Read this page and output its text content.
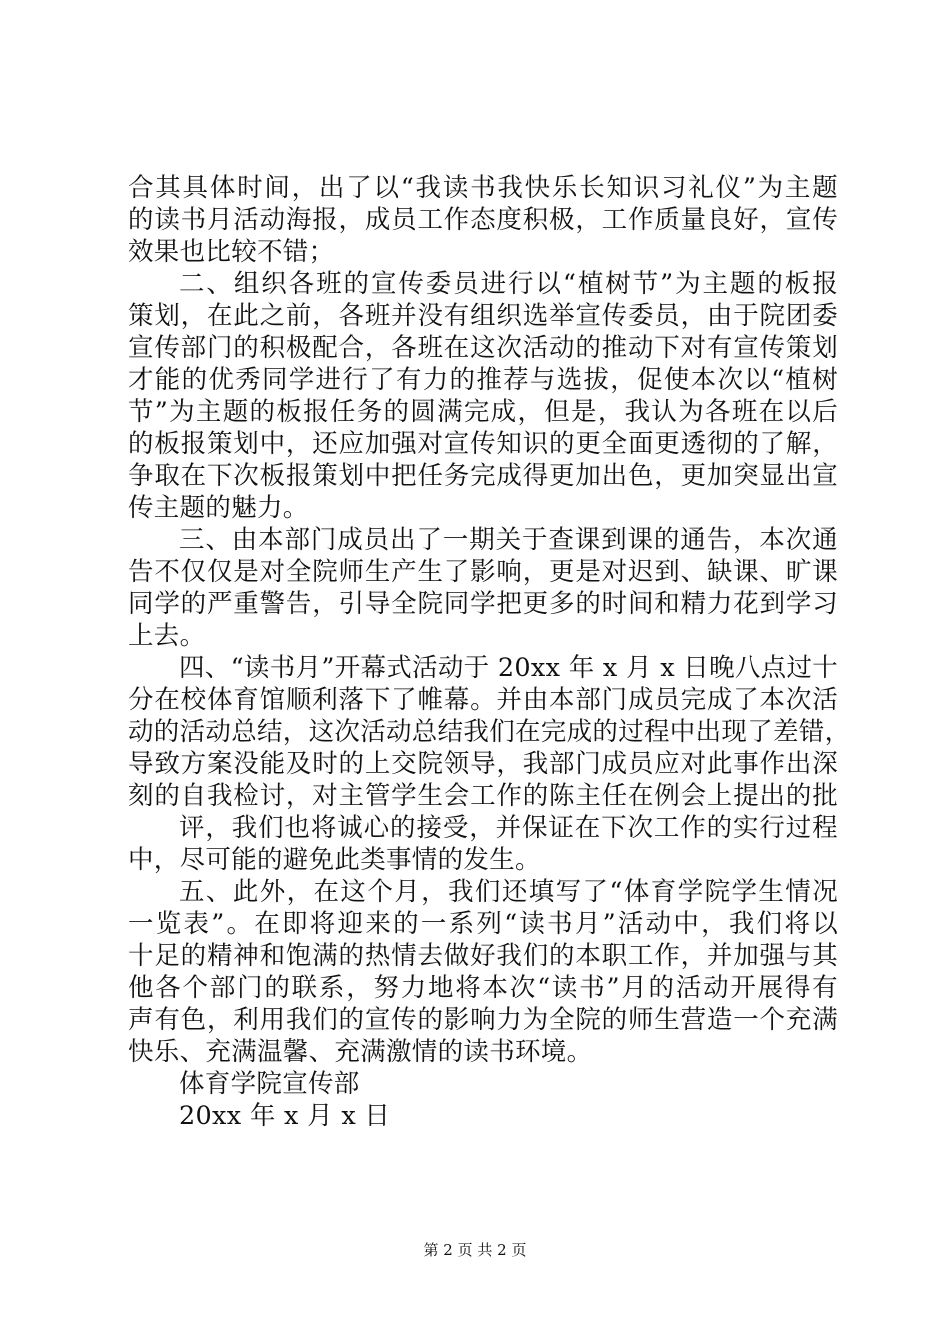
合其具体时间，出了以“我读书我快乐长知识习礼仪”为主题
的读书月活动海报，成员工作态度积极，工作质量良好，宣传
效果也比较不错；
二、组织各班的宣传委员进行以“植树节”为主题的板报
策划，在此之前，各班并没有组织选举宣传委员，由于院团委
宣传部门的积极配合，各班在这次活动的推动下对有宣传策划
才能的优秀同学进行了有力的推荐与选拔，促使本次以“植树
节”为主题的板报任务的圆满完成，但是，我认为各班在以后
的板报策划中，还应加强对宣传知识的更全面更透彻的了解，
争取在下次板报策划中把任务完成得更加出色，更加突显出宣
传主题的魅力。
三、由本部门成员出了一期关于查课到课的通告，本次通
告不仅仅是对全院师生产生了影响，更是对迟到、缺课、旷课
同学的严重警告，引导全院同学把更多的时间和精力花到学习
上去。
四、“读书月”开幕式活动于 20xx 年 x 月 x 日晚八点过十
分在校体育馆顺利落下了帷幕。并由本部门成员完成了本次活
动的活动总结，这次活动总结我们在完成的过程中出现了差错，
导致方案没能及时的上交院领导，我部门成员应对此事作出深
刻的自我检讨，对主管学生会工作的陈主任在例会上提出的批
评，我们也将诚心的接受，并保证在下次工作的实行过程
中，尽可能的避免此类事情的发生。
五、此外，在这个月，我们还填写了“体育学院学生情况
一览表”。在即将迎来的一系列“读书月”活动中，我们将以
十足的精神和饱满的热情去做好我们的本职工作，并加强与其
他各个部门的联系，努力地将本次“读书”月的活动开展得有
声有色，利用我们的宣传的影响力为全院的师生营造一个充满
快乐、充满温馨、充满激情的读书环境。
体育学院宣传部
20xx 年 x 月 x 日
第 2 页 共 2 页
